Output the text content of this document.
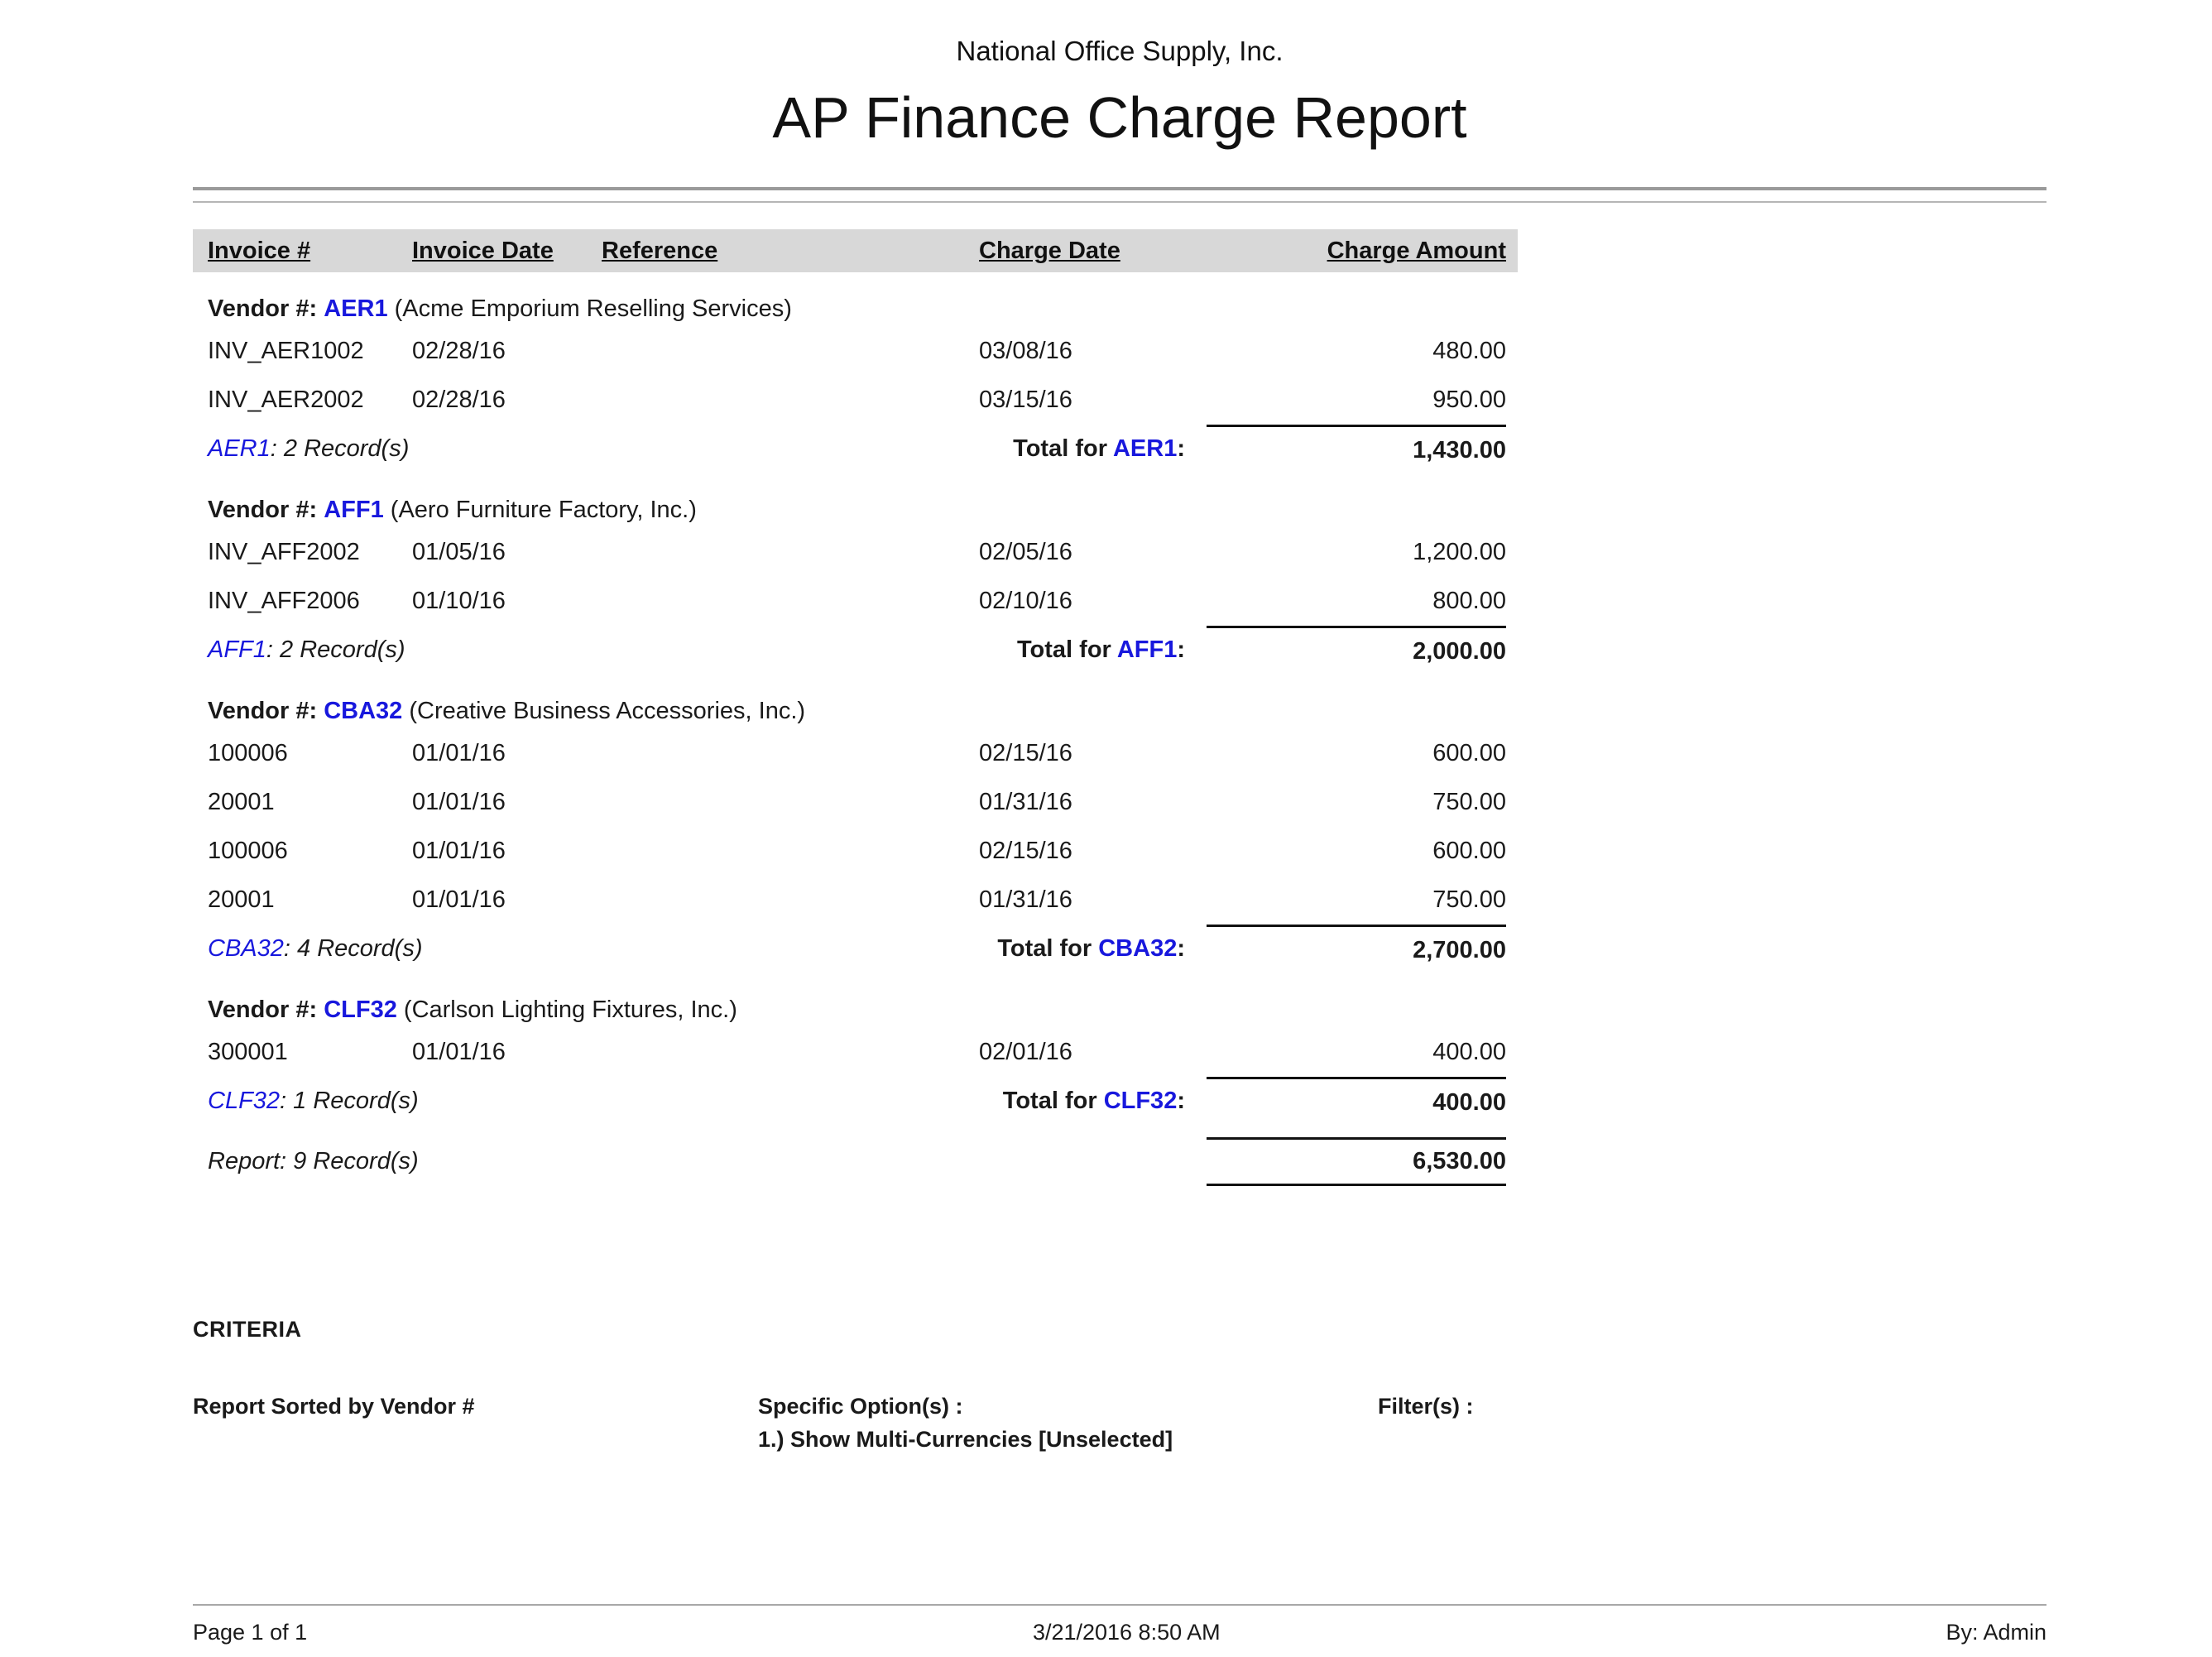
National Office Supply, Inc.
AP Finance Charge Report
Invoice #	Invoice Date	Reference	Charge Date	Charge Amount
Vendor #: AER1 (Acme Emporium Reselling Services)
INV_AER1002	02/28/16	03/08/16	480.00
INV_AER2002	02/28/16	03/15/16	950.00
AER1: 2 Record(s)	Total for AER1:	1,430.00
Vendor #: AFF1 (Aero Furniture Factory, Inc.)
INV_AFF2002	01/05/16	02/05/16	1,200.00
INV_AFF2006	01/10/16	02/10/16	800.00
AFF1: 2 Record(s)	Total for AFF1:	2,000.00
Vendor #: CBA32 (Creative Business Accessories, Inc.)
100006	01/01/16	02/15/16	600.00
20001	01/01/16	01/31/16	750.00
100006	01/01/16	02/15/16	600.00
20001	01/01/16	01/31/16	750.00
CBA32: 4 Record(s)	Total for CBA32:	2,700.00
Vendor #: CLF32 (Carlson Lighting Fixtures, Inc.)
300001	01/01/16	02/01/16	400.00
CLF32: 1 Record(s)	Total for CLF32:	400.00
Report: 9 Record(s)	6,530.00
CRITERIA
Report Sorted by Vendor #	Specific Option(s) :
1.) Show Multi-Currencies [Unselected]
Filter(s) :
Page 1 of 1	3/21/2016 8:50 AM	By: Admin
